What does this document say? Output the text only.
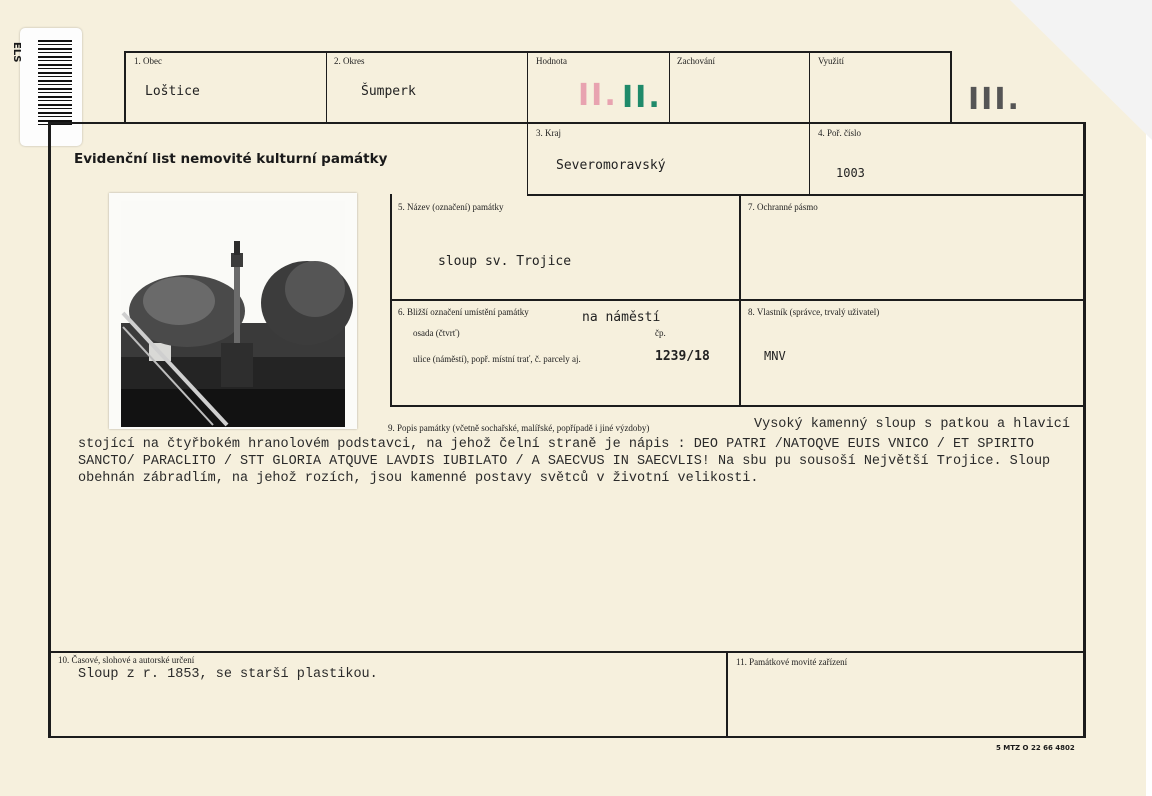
ELS	1. Obec
Loštice
2. Okres
Šumperk
Hodnota
II. II.
Zachování	Využití
III.
Evidenční list nemovité kulturní památky
3. Kraj
Severomoravský
4. Poř. číslo
1003
5. Název (označení) památky
sloup sv. Trojice
7. Ochranné pásmo
6. Bližší označení umístění památky	na náměstí
osada (čtvrť)	čp.
ulice (náměstí), popř. místní trať, č. parcely aj.	1239/18
8. Vlastník (správce, trvalý uživatel)
MNV
9. Popis památky (včetně sochařské, malířské, popřípadě i jiné výzdoby)	Vysoký kamenný sloup s patkou a hlavicí
stojící na čtyřbokém hranolovém podstavci, na jehož čelní straně je nápis : DEO PATRI /NATOQVE EUIS VNICO / ET SPIRITO SANCTO/ PARACLITO / STT GLORIA ATQUVE LAVDIS IUBILATO / A SAECVUS IN SAECVLIS! Na sbu pu sousoší Největší Trojice. Sloup obehnán zábradlím, na jehož rozích, jsou kamenné postavy světců v životní velikosti.
10. Časové, slohové a autorské určení
Sloup z r. 1853, se starší plastikou.
11. Památkové movité zařízení
5 MTZ O 22 66 4802
